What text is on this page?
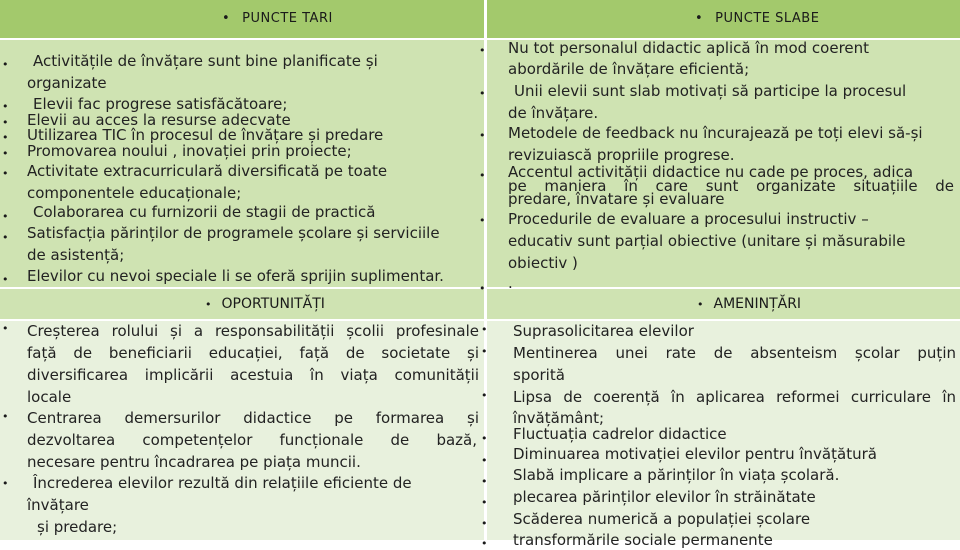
• PUNCTE TARI	• PUNCTE SLABE
• OPORTUNITĂȚI	• AMENINȚĂRI
• Activitățile de învățare sunt bine planificate și
organizate
• Elevii fac progrese satisfăcătoare;
• Elevii au acces la resurse adecvate
• Utilizarea TIC în procesul de învățare și predare
• Promovarea noului , inovației prin proiecte;
• Activitate extracurriculară diversificată pe toate
componentele educaționale;
• Colaborarea cu furnizorii de stagii de practică
• Satisfacția părinților de programele școlare și serviciile
de asistență;
• Elevilor cu nevoi speciale li se oferă sprijin suplimentar.
• Nu tot personalul didactic aplică în mod coerent
abordările de învățare eficientă;
• Unii elevii sunt slab motivați să participe la procesul
de învățare.
• Metodele de feedback nu încurajează pe toți elevi să-și
revizuiască propriile progrese.
• Accentul activității didactice nu cade pe proces, adica
pe maniera în care sunt organizate situațiile de
predare, învatare și evaluare
• Procedurile de evaluare a procesului instructiv –
educativ sunt parțial obiective (unitare și măsurabile
obiectiv )
• .
• Creșterea rolului și a responsabilității școlii profesinale
față de beneficiarii educației, față de societate și
diversificarea implicării acestuia în viața comunității
locale
• Centrarea demersurilor didactice pe formarea și
dezvoltarea competențelor funcționale de bază,
necesare pentru încadrarea pe piața muncii.
• Încrederea elevilor rezultă din relațiile eficiente de
învățare
și predare;
• Suprasolicitarea elevilor
• Mentinerea unei rate de absenteism școlar puțin
sporită
• Lipsa de coerență în aplicarea reformei curriculare în
învățământ;
• Fluctuația cadrelor didactice
• Diminuarea motivației elevilor pentru învățătură
• Slabă implicare a părinților în viața școlară.
• plecarea părinților elevilor în străinătate
• Scăderea numerică a populației școlare
• transformările sociale permanente
